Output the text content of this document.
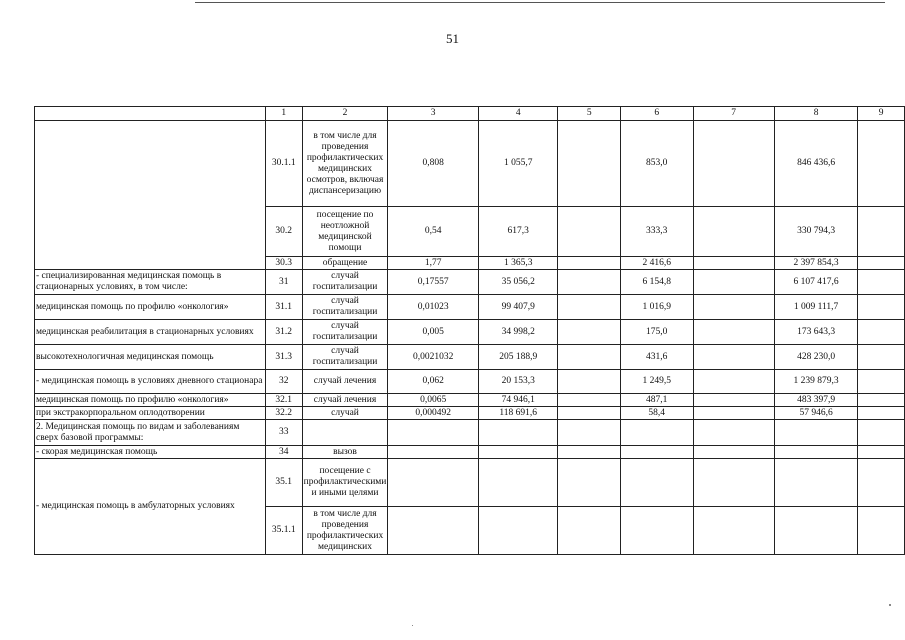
51
	1	2	3	4	5	6	7	8	9
	30.1.1	в том числе для проведения профилактических медицинских осмотров, включая диспансеризацию	0,808	1 055,7		853,0		846 436,6	
	30.2	посещение по неотложной медицинской помощи	0,54	617,3		333,3		330 794,3	
	30.3	обращение	1,77	1 365,3		2 416,6		2 397 854,3	
- специализированная медицинская помощь в стационарных условиях, в том числе:	31	случай госпитализации	0,17557	35 056,2		6 154,8		6 107 417,6	
медицинская помощь по профилю «онкология»	31.1	случай госпитализации	0,01023	99 407,9		1 016,9		1 009 111,7	
медицинская реабилитация в стационарных условиях	31.2	случай госпитализации	0,005	34 998,2		175,0		173 643,3	
высокотехнологичная медицинская помощь	31.3	случай госпитализации	0,0021032	205 188,9		431,6		428 230,0	
- медицинская помощь в условиях дневного стационара	32	случай лечения	0,062	20 153,3		1 249,5		1 239 879,3	
медицинская помощь по профилю «онкология»	32.1	случай лечения	0,0065	74 946,1		487,1		483 397,9	
при экстракорпоральном оплодотворении	32.2	случай	0,000492	118 691,6		58,4		57 946,6	
2. Медицинская помощь по видам и заболеваниям сверх базовой программы:	33								
- скорая медицинская помощь	34	вызов							
- медицинская помощь в амбулаторных условиях	35.1	посещение с профилактическими и иными целями							
	35.1.1	в том числе для проведения профилактических медицинских							
